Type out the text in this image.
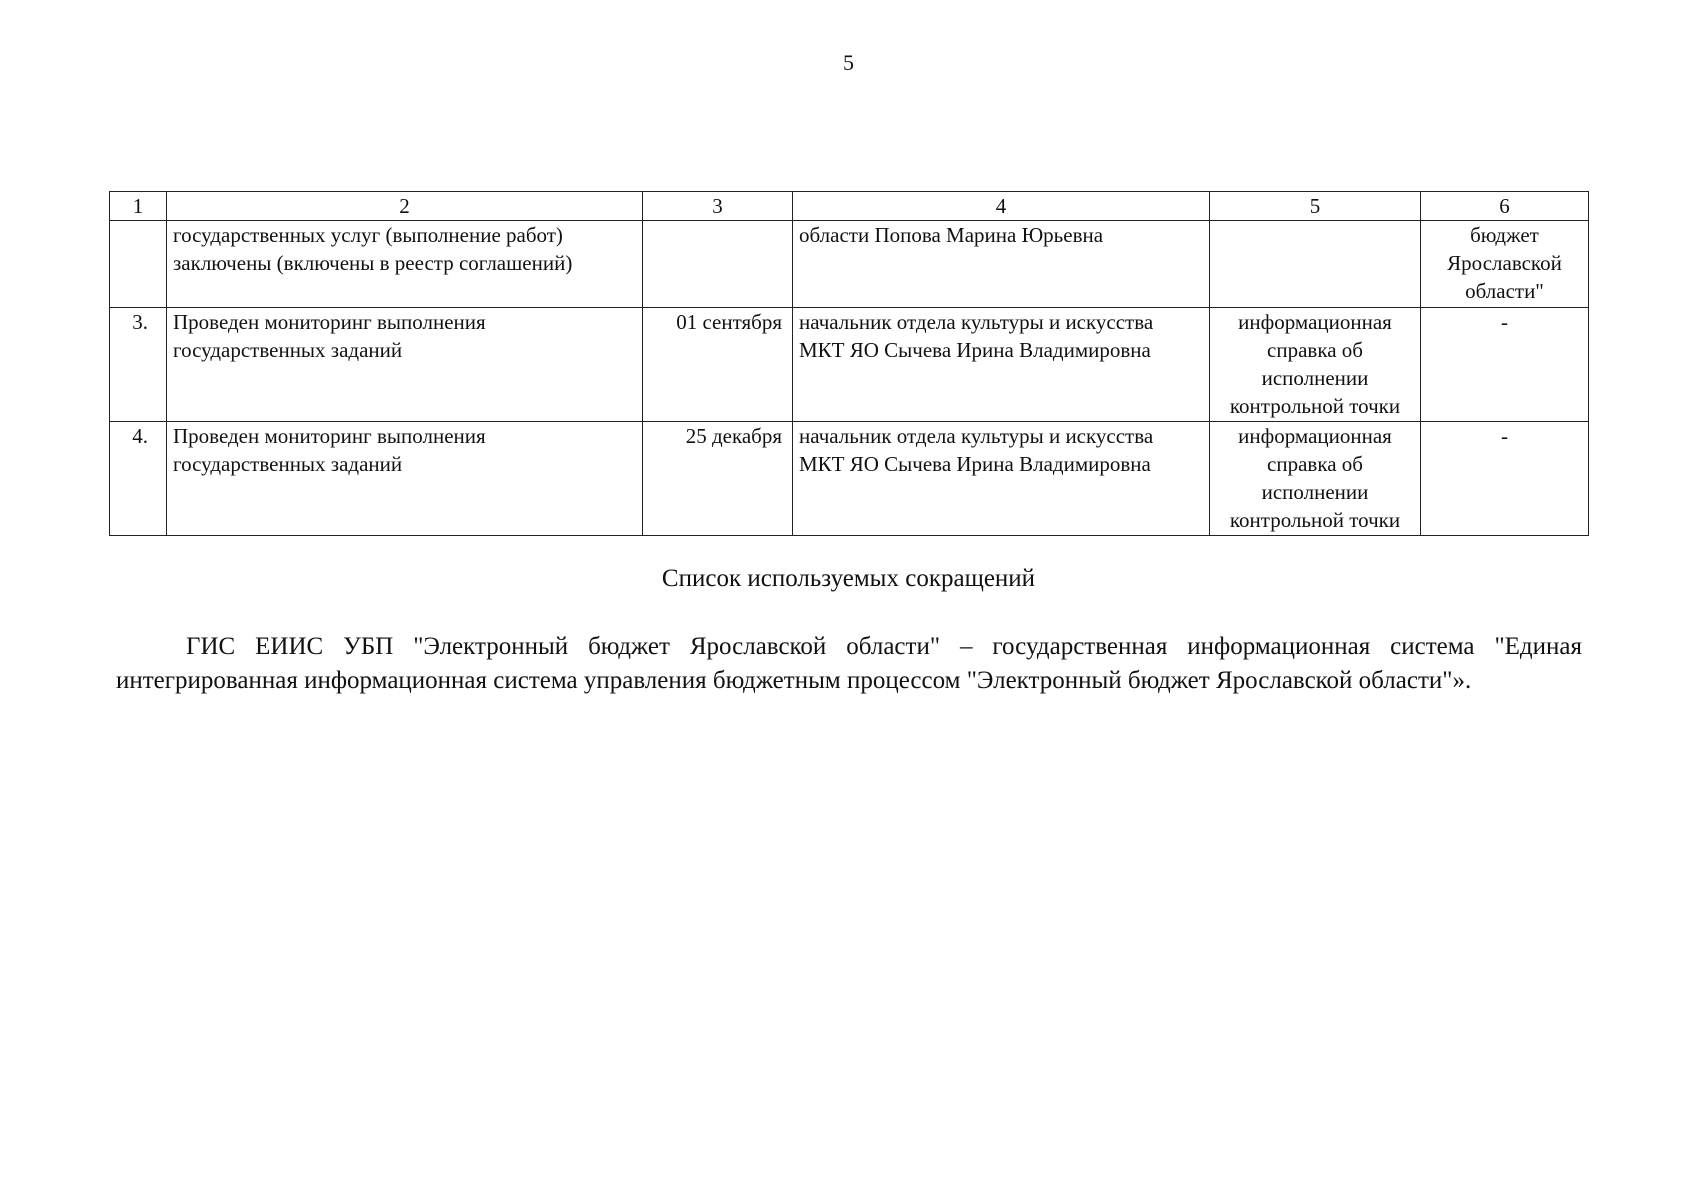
5
1	2	3	4	5	6
	государственных услуг (выполнение работ) заключены (включены в реестр соглашений)		области Попова Марина Юрьевна		бюджет Ярославской области"
3.	Проведен мониторинг выполнения государственных заданий	01 сентября	начальник отдела культуры и искусства МКТ ЯО Сычева Ирина Владимировна	информационная справка об исполнении контрольной точки	-
4.	Проведен мониторинг выполнения государственных заданий	25 декабря	начальник отдела культуры и искусства МКТ ЯО Сычева Ирина Владимировна	информационная справка об исполнении контрольной точки	-
Список используемых сокращений

ГИС ЕИИС УБП "Электронный бюджет Ярославской области" – государственная информационная система "Единая интегрированная информационная система управления бюджетным процессом "Электронный бюджет Ярославской области"».
